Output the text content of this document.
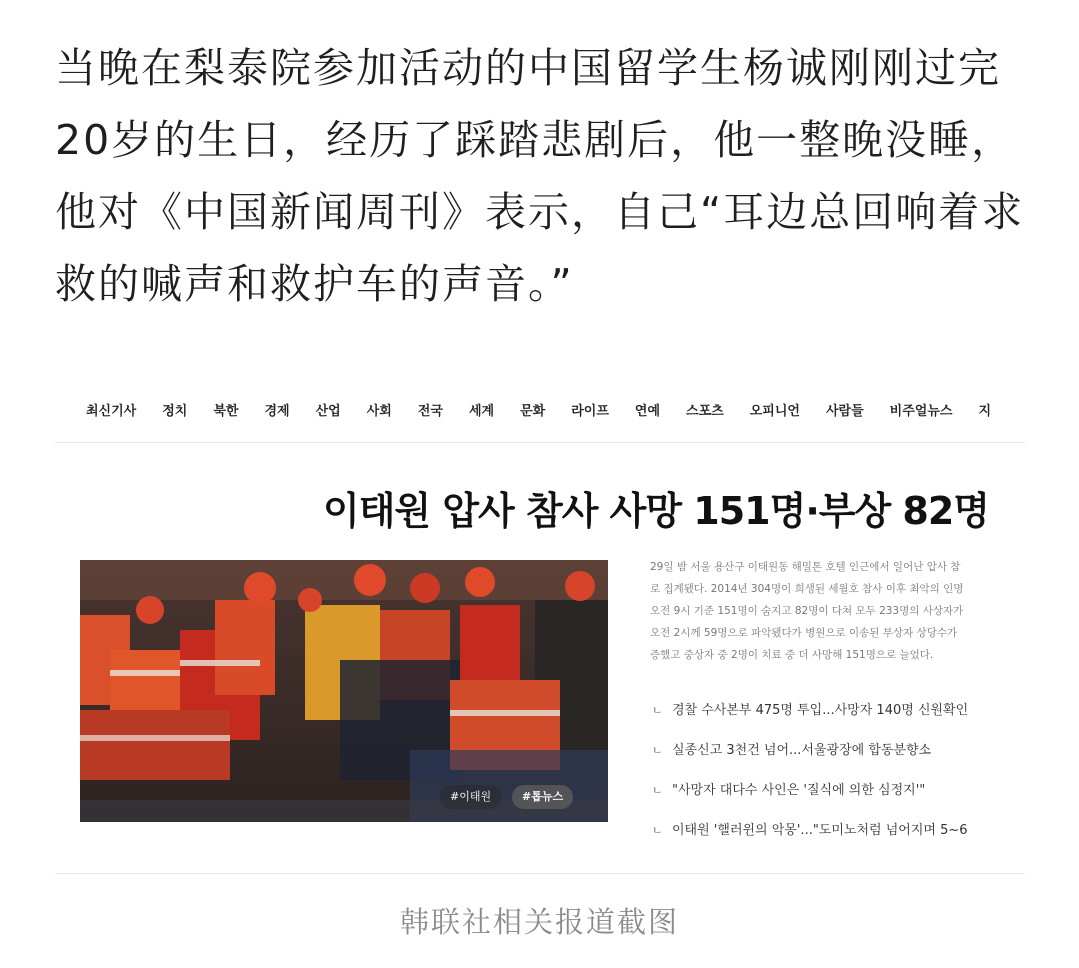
当晚在梨泰院参加活动的中国留学生杨诚刚刚过完

20岁的生日，经历了踩踏悲剧后，他一整晚没睡，

他对《中国新闻周刊》表示，自己“耳边总回响着求

救的喊声和救护车的声音。”

최신기사	정치	북한	경제	산업	사회	전국	세계	문화	라이프	연예	스포츠	오피니언	사람들	비주얼뉴스	지
이태원 압사 참사 사망 151명·부상 82명
#이태원	#톱뉴스

29일 밤 서울 용산구 이태원동 해밀톤 호텔 인근에서 일어난 압사 참

로 집계됐다. 2014년 304명이 희생된 세월호 참사 이후 최악의 인명

오전 9시 기준 151명이 숨지고 82명이 다쳐 모두 233명의 사상자가

오전 2시께 59명으로 파악됐다가 병원으로 이송된 부상자 상당수가

증했고 중상자 중 2명이 치료 중 더 사망해 151명으로 늘었다.

ㄴ 경찰 수사본부 475명 투입...사망자 140명 신원확인
ㄴ 실종신고 3천건 넘어...서울광장에 합동분향소
ㄴ "사망자 대다수 사인은 '질식에 의한 심정지'"
ㄴ 이태원 '핼러윈의 악몽'..."도미노처럼 넘어지며 5~6
韩联社相关报道截图
